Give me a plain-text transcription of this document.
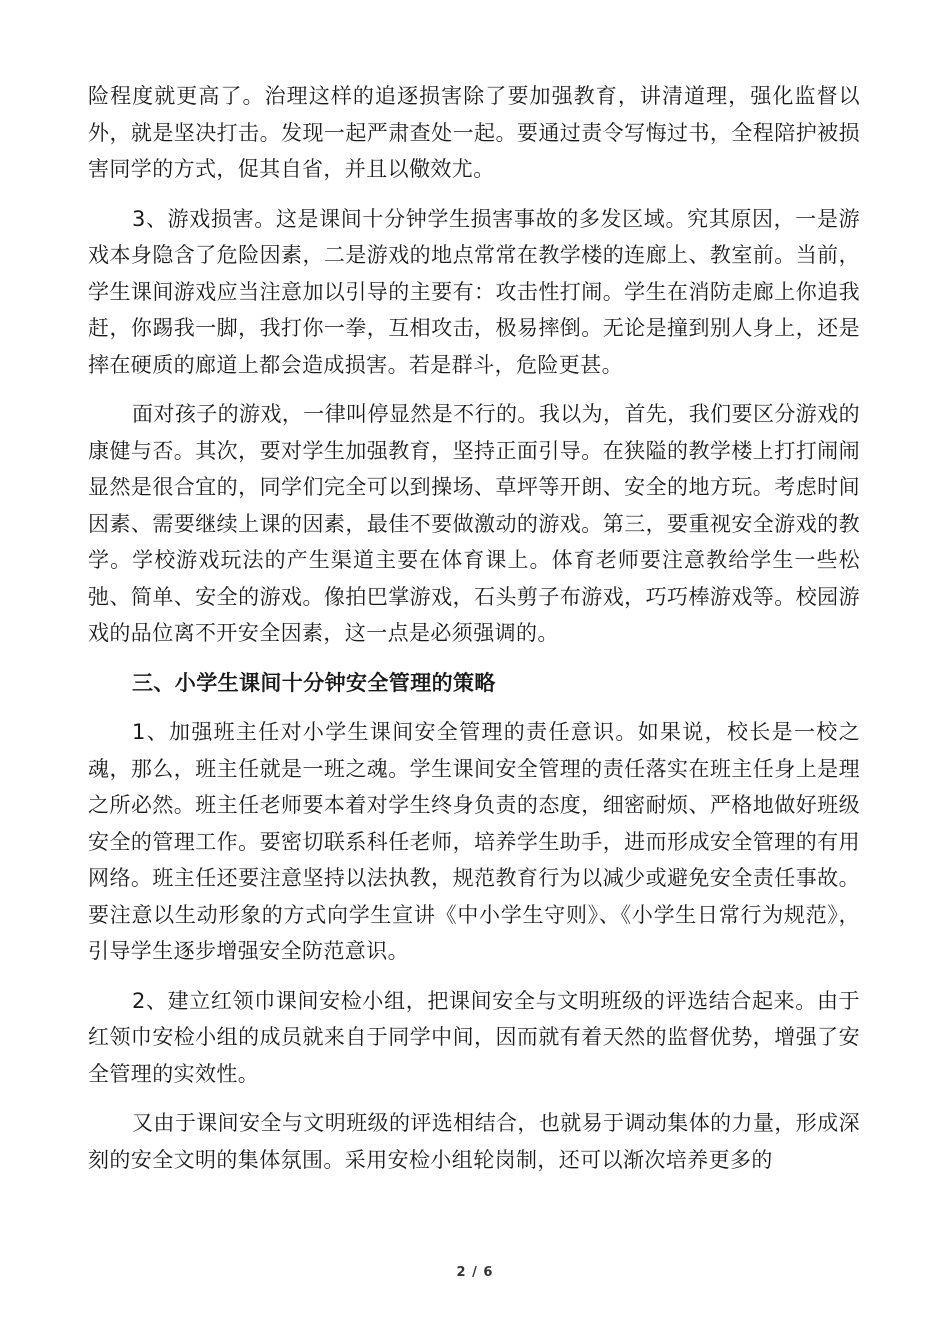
险程度就更高了。治理这样的追逐损害除了要加强教育，讲清道理，强化监督以外，就是坚决打击。发现一起严肃查处一起。要通过责令写悔过书，全程陪护被损害同学的方式，促其自省，并且以儆效尤。

3、游戏损害。这是课间十分钟学生损害事故的多发区域。究其原因，一是游戏本身隐含了危险因素，二是游戏的地点常常在教学楼的连廊上、教室前。当前，学生课间游戏应当注意加以引导的主要有：攻击性打闹。学生在消防走廊上你追我赶，你踢我一脚，我打你一拳，互相攻击，极易摔倒。无论是撞到别人身上，还是摔在硬质的廊道上都会造成损害。若是群斗，危险更甚。

面对孩子的游戏，一律叫停显然是不行的。我以为，首先，我们要区分游戏的康健与否。其次，要对学生加强教育，坚持正面引导。在狭隘的教学楼上打打闹闹显然是很合宜的，同学们完全可以到操场、草坪等开朗、安全的地方玩。考虑时间因素、需要继续上课的因素，最佳不要做激动的游戏。第三，要重视安全游戏的教学。学校游戏玩法的产生渠道主要在体育课上。体育老师要注意教给学生一些松弛、简单、安全的游戏。像拍巴掌游戏，石头剪子布游戏，巧巧棒游戏等。校园游戏的品位离不开安全因素，这一点是必须强调的。

三、小学生课间十分钟安全管理的策略

1、加强班主任对小学生课间安全管理的责任意识。如果说，校长是一校之魂，那么，班主任就是一班之魂。学生课间安全管理的责任落实在班主任身上是理之所必然。班主任老师要本着对学生终身负责的态度，细密耐烦、严格地做好班级安全的管理工作。要密切联系科任老师，培养学生助手，进而形成安全管理的有用网络。班主任还要注意坚持以法执教，规范教育行为以减少或避免安全责任事故。要注意以生动形象的方式向学生宣讲《中小学生守则》、《小学生日常行为规范》，引导学生逐步增强安全防范意识。

2、建立红领巾课间安检小组，把课间安全与文明班级的评选结合起来。由于红领巾安检小组的成员就来自于同学中间，因而就有着天然的监督优势，增强了安全管理的实效性。

又由于课间安全与文明班级的评选相结合，也就易于调动集体的力量，形成深刻的安全文明的集体氛围。采用安检小组轮岗制，还可以渐次培养更多的

2 / 6
